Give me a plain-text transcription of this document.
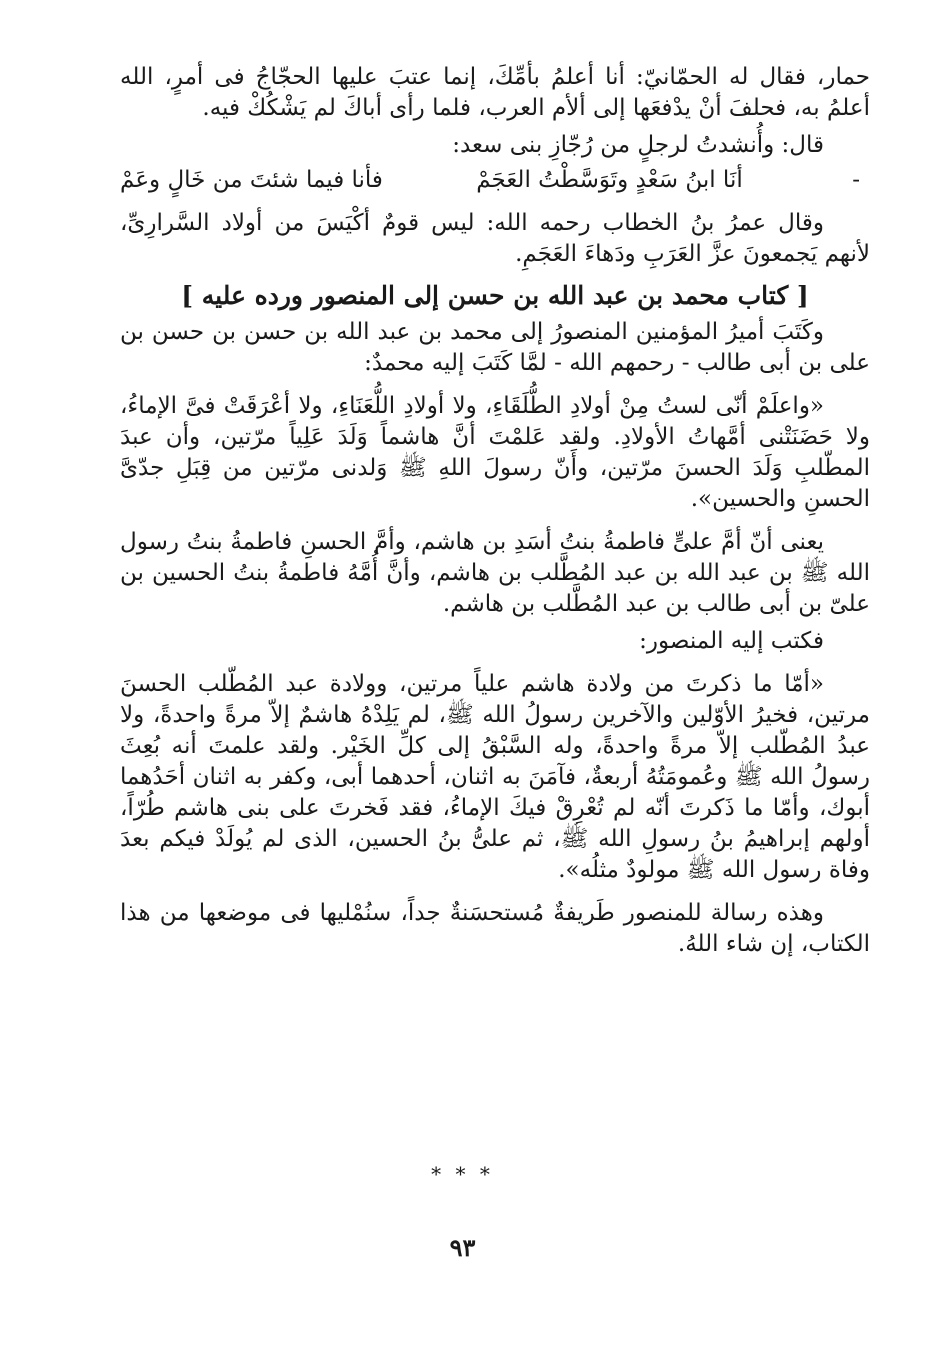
حمار، فقال له الحمّانيّ: أنا أعلمُ بأمِّكَ، إنما عتبَ عليها الحجّاجُ فى أمرٍ، الله أعلمُ به، فحلفَ أنْ يدْفعَها إلى ألأم العرب، فلما رأى أباكَ لم يَشْكُكْ فيه.

قال: وأُنشدتُ لرجلٍ من رُجّازِ بنى سعد:

-
أنَا ابنُ سَعْدٍ وتَوَسَّطْتُ العَجَمْ
فأنا فيما شئتَ من خَالٍ وعَمْ

وقال عمرُ بنُ الخطاب رحمه الله: ليس قومٌ أكْيَسَ من أولاد السَّرارِىِّ، لأنهم يَجمعونَ عزَّ العَرَبِ ودَهاءَ العَجَمِ.

[ كتاب محمد بن عبد الله بن حسن إلى المنصور ورده عليه ]

وكَتَبَ أميرُ المؤمنين المنصورُ إلى محمد بن عبد الله بن حسن بن حسن بن على بن أبى طالب - رحمهم الله - لمَّا كَتَبَ إليه محمدٌ:

«واعلَمْ أنّى لستُ مِنْ أولادِ الطُّلَقَاءِ، ولا أولادِ اللُّعَنَاءِ، ولا أعْرَقَتْ فىَّ الإماءُ، ولا حَضَنَتْنى أمَّهاتُ الأولادِ. ولقد عَلمْتَ أنَّ هاشماً وَلَدَ عَلِياً مرّتين، وأن عبدَ المطّلبِ وَلَدَ الحسنَ مرّتين، وأَنّ رسولَ اللهِ ﷺ وَلدنى مرّتين من قِبَلِ جدّىَّ الحسنِ والحسين».

يعنى أنّ أمَّ علىٍّ فاطمةُ بنتُ أسَدِ بن هاشم، وأمَّ الحسنِ فاطمةُ بنتُ رسول الله ﷺ بن عبد الله بن عبد المُطَّلب بن هاشم، وأنَّ أُمَّهُ فاطمةُ بنتُ الحسين بن علىّ بن أبى طالب بن عبد المُطَّلب بن هاشم.

فكتب إليه المنصور:

«أمّا ما ذكرتَ من ولادة هاشم علياً مرتين، وولادة عبد المُطّلب الحسنَ مرتين، فخيرُ الأوّلين والآخرين رسولُ الله ﷺ، لم يَلِدْهُ هاشمٌ إلاّ مرةً واحدةً، ولا عبدُ المُطّلب إلاّ مرةً واحدةً، وله السَّبْقُ إلى كلِّ الخَيْر. ولقد علمتَ أنه بُعِثَ رسولُ الله ﷺ وعُمومَتُهُ أربعةٌ، فآمَنَ به اثنان، أحدهما أبى، وكفر به اثنان أحَدُهما أبوك، وأمّا ما ذَكرتَ أنّه لم تُعْرِقْ فيكَ الإماءُ، فقد فَخرتَ على بنى هاشم طُرّاً، أولهم إبراهيمُ بنُ رسولِ الله ﷺ، ثم علىُّ بنُ الحسين، الذى لم يُولَدْ فيكم بعدَ وفاة رسول الله ﷺ مولودٌ مثلُه».

وهذه رسالة للمنصور طَريفةٌ مُستحسَنةٌ جداً، سنُمْليها فى موضعها من هذا الكتاب، إن شاء اللهُ.

* * *
٩٣
